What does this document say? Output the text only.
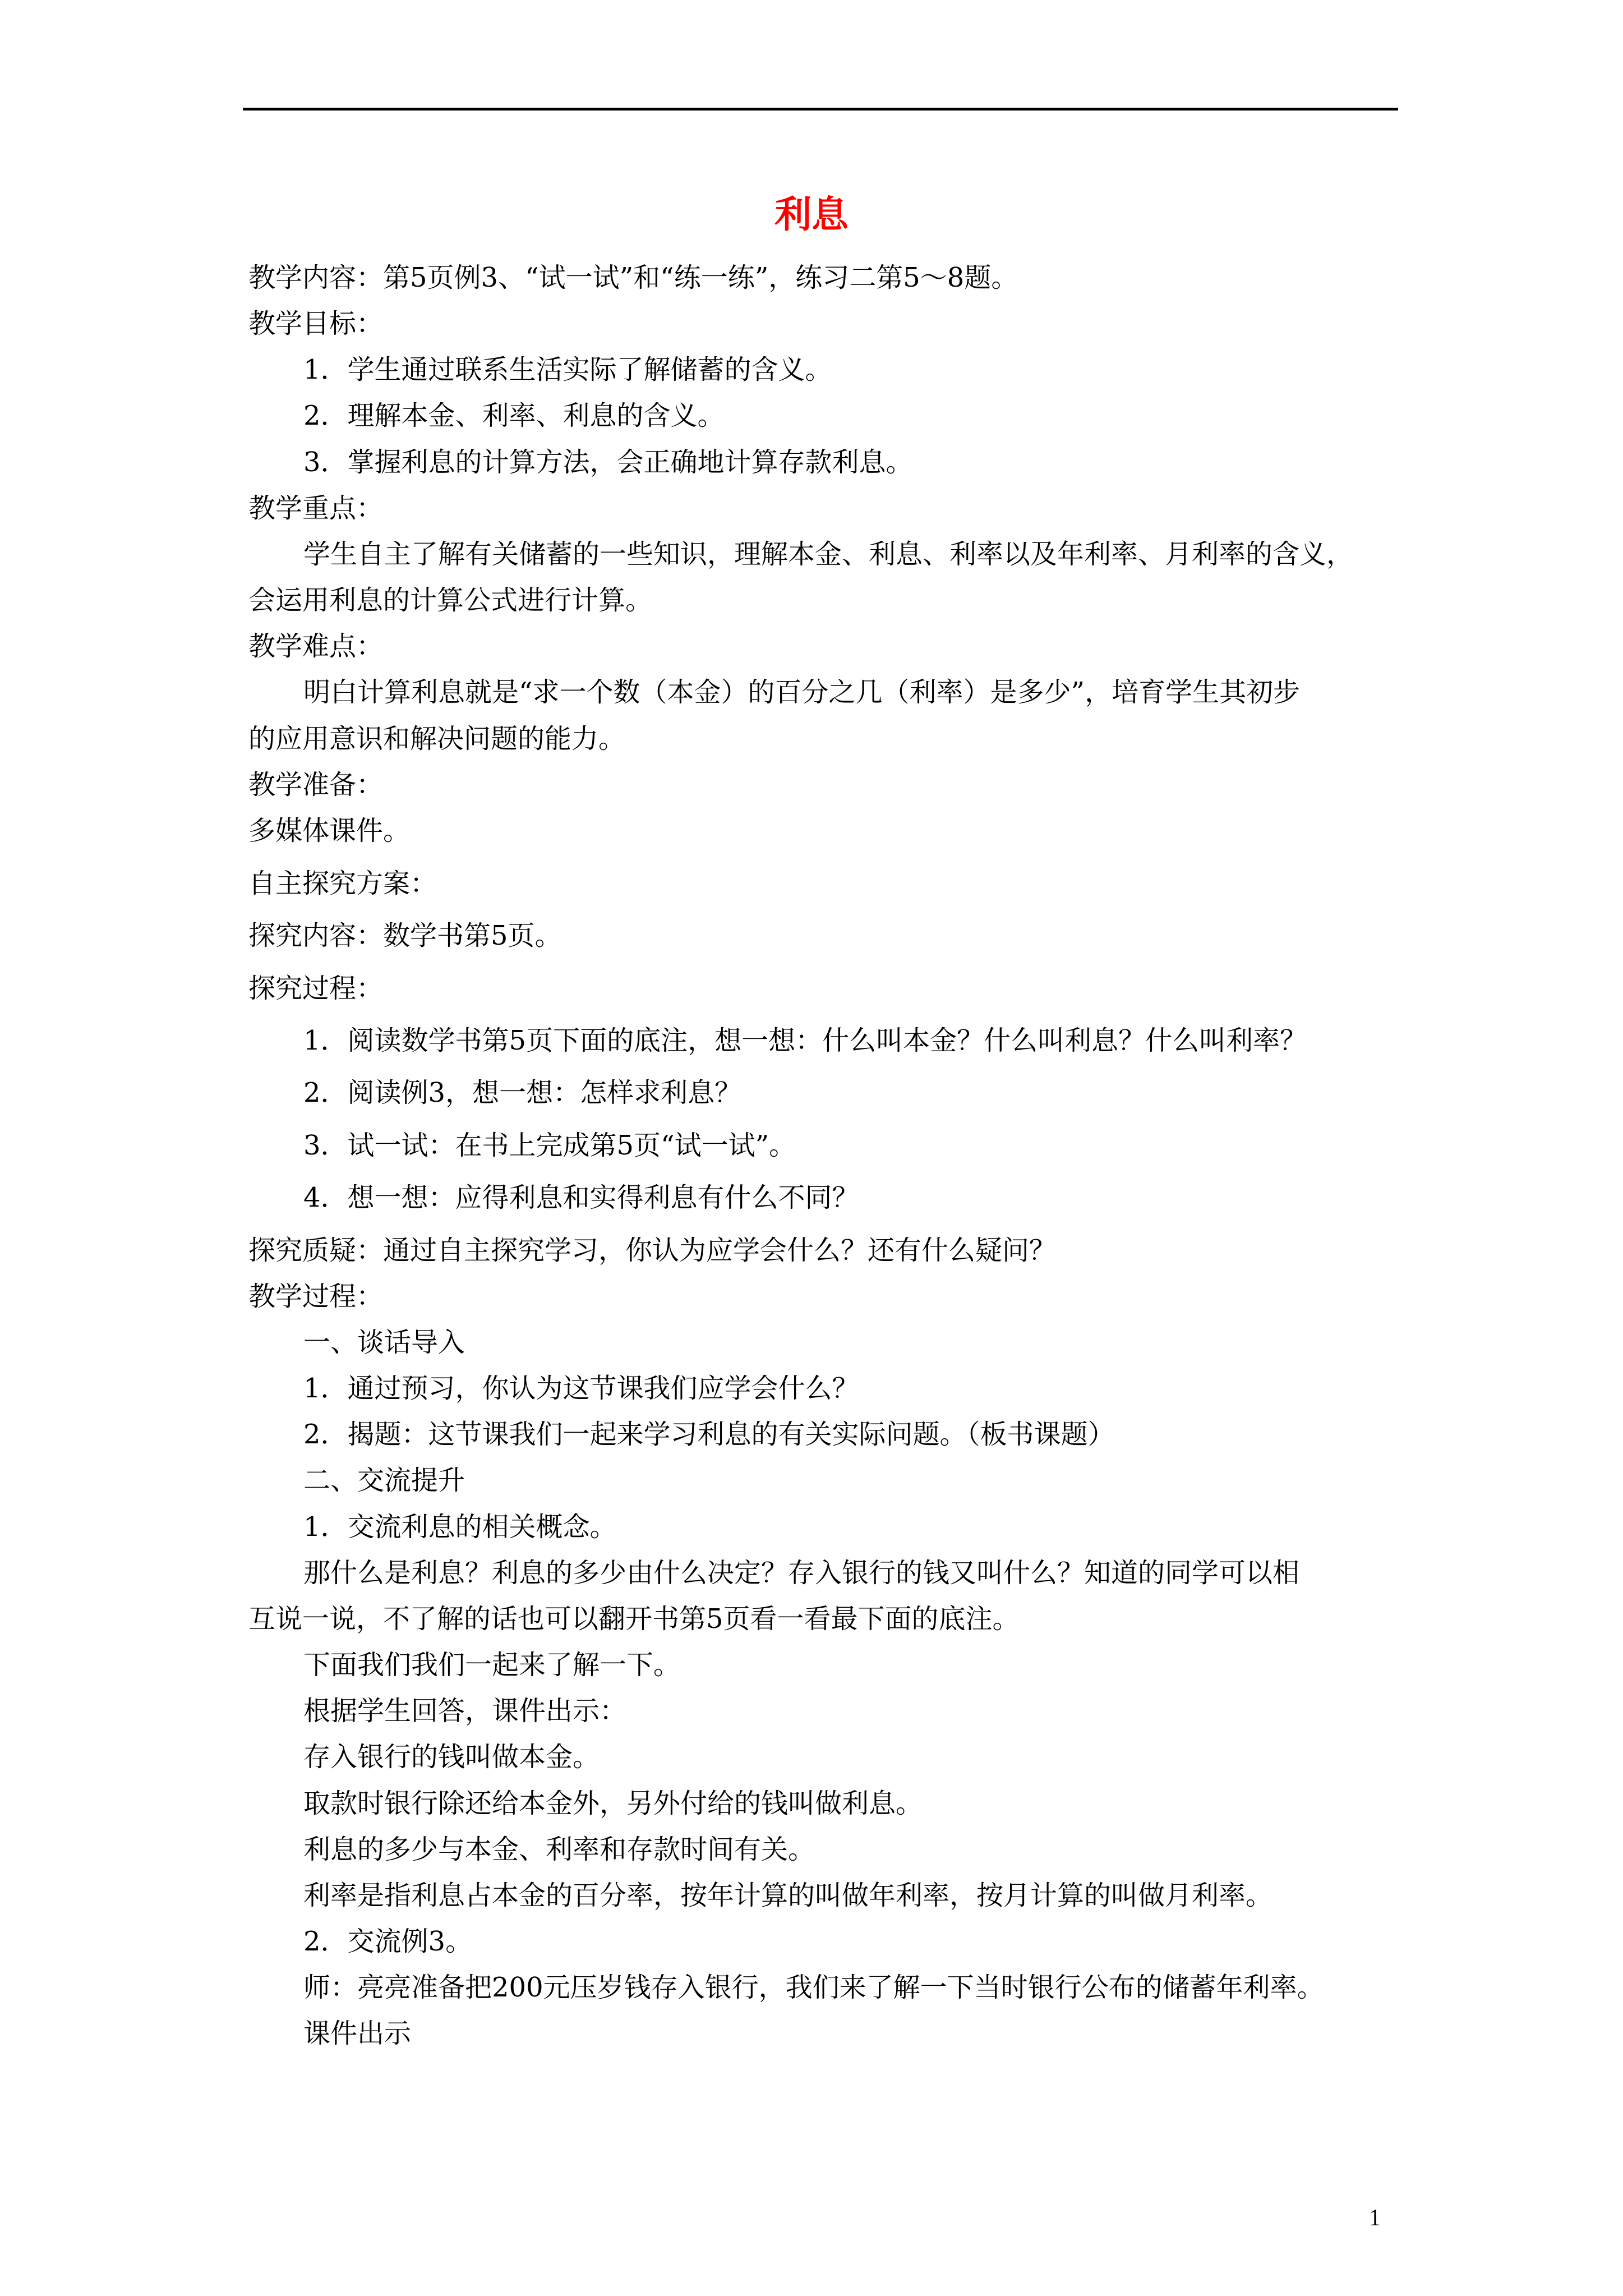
利息
教学内容：第5页例3、“试一试”和“练一练”，练习二第5～8题。
教学目标：
1．学生通过联系生活实际了解储蓄的含义。
2．理解本金、利率、利息的含义。
3．掌握利息的计算方法，会正确地计算存款利息。
教学重点：
学生自主了解有关储蓄的一些知识，理解本金、利息、利率以及年利率、月利率的含义，
会运用利息的计算公式进行计算。
教学难点：
明白计算利息就是“求一个数（本金）的百分之几（利率）是多少”，培育学生其初步
的应用意识和解决问题的能力。
教学准备：
多媒体课件。
自主探究方案：
探究内容：数学书第5页。
探究过程：
1．阅读数学书第5页下面的底注，想一想：什么叫本金？什么叫利息？什么叫利率？
2．阅读例3，想一想：怎样求利息？
3．试一试：在书上完成第5页“试一试”。
4．想一想：应得利息和实得利息有什么不同？
探究质疑：通过自主探究学习，你认为应学会什么？还有什么疑问？
教学过程：
一、谈话导入
1．通过预习，你认为这节课我们应学会什么？
2．揭题：这节课我们一起来学习利息的有关实际问题。（板书课题）
二、交流提升
1．交流利息的相关概念。
那什么是利息？利息的多少由什么决定？存入银行的钱又叫什么？知道的同学可以相
互说一说，不了解的话也可以翻开书第5页看一看最下面的底注。
下面我们我们一起来了解一下。
根据学生回答，课件出示：
存入银行的钱叫做本金。
取款时银行除还给本金外，另外付给的钱叫做利息。
利息的多少与本金、利率和存款时间有关。
利率是指利息占本金的百分率，按年计算的叫做年利率，按月计算的叫做月利率。
2．交流例3。
师：亮亮准备把200元压岁钱存入银行，我们来了解一下当时银行公布的储蓄年利率。
课件出示
1
